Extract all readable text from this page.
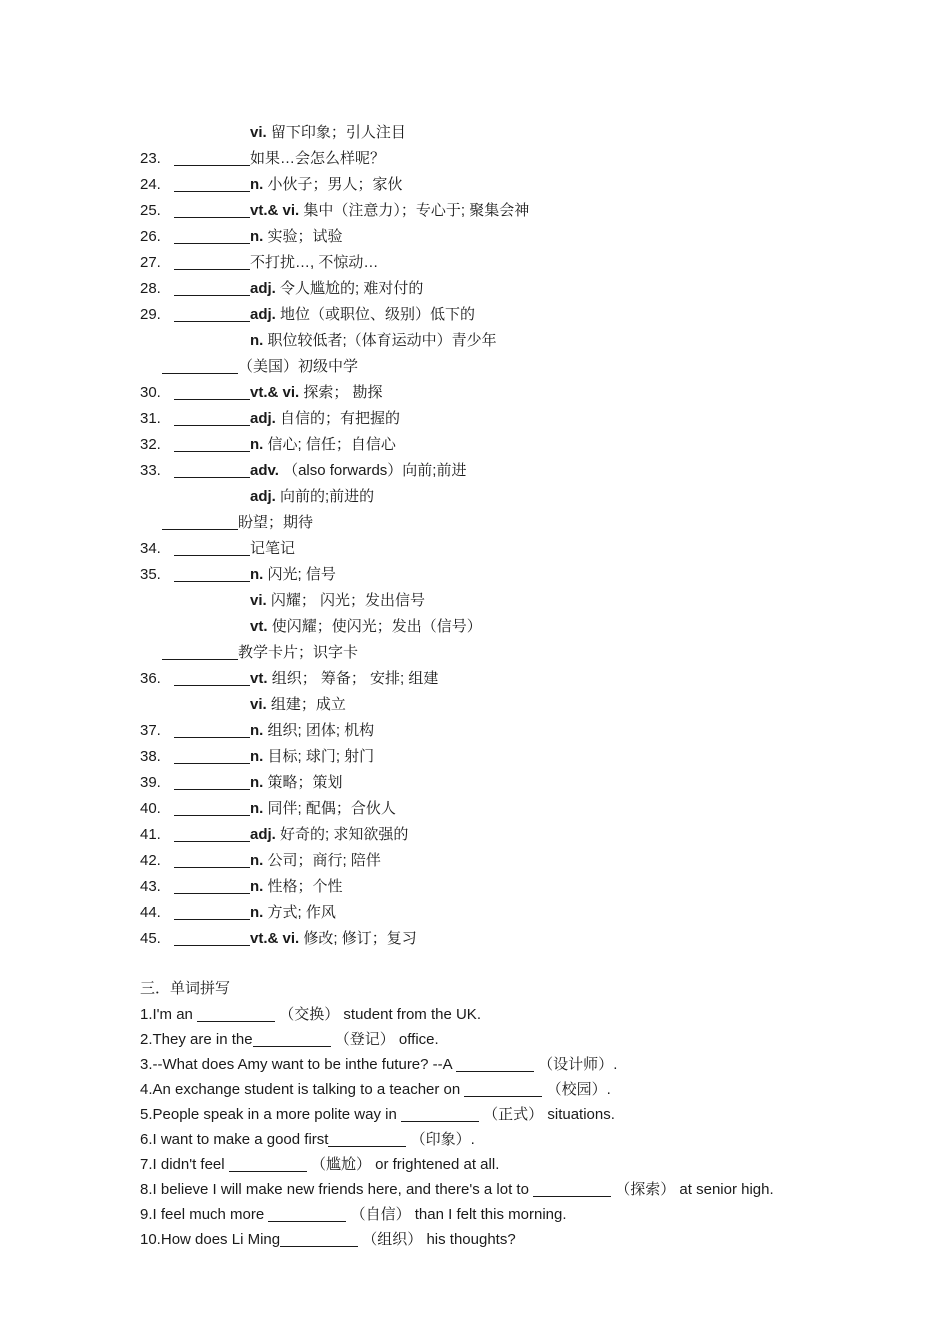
vi. 留下印象；引人注目
23.	如果…会怎么样呢？
24.	n. 小伙子；男人；家伙
25.	vt.& vi. 集中（注意力）；专心于; 聚集会神
26.	n. 实验；试验
27.	不打扰…, 不惊动…
28.	adj. 令人尴尬的; 难对付的
29.	adj. 地位（或职位、级别）低下的
n. 职位较低者;（体育运动中）青少年
（美国）初级中学
30.	vt.& vi. 探索； 勘探
31.	adj. 自信的；有把握的
32.	n. 信心; 信任；自信心
33.	adv. （also forwards）向前;前进
adj. 向前的;前进的
盼望；期待
34.	记笔记
35.	n. 闪光; 信号
vi. 闪耀； 闪光；发出信号
vt. 使闪耀；使闪光；发出（信号）
教学卡片；识字卡
36.	vt. 组织； 筹备； 安排; 组建
vi. 组建；成立
37.	n. 组织; 团体; 机构
38.	n. 目标; 球门; 射门
39.	n. 策略；策划
40.	n. 同伴; 配偶；合伙人
41.	adj. 好奇的; 求知欲强的
42.	n. 公司；商行; 陪伴
43.	n. 性格；个性
44.	n. 方式; 作风
45.	vt.& vi. 修改; 修订；复习
三．单词拼写
1.I'm an	（交换） student from the UK.
2.They are in the	（登记） office.
3.--What does Amy want to be inthe future? --A	（设计师）.
4.An exchange student is talking to a teacher on	（校园）.
5.People speak in a more polite way in	（正式） situations.
6.I want to make a good first	（印象）.
7.I didn't feel	（尴尬） or frightened at all.
8.I believe I will make new friends here, and there's a lot to	（探索） at senior high.
9.I feel much more	（自信） than I felt this morning.
10.How does Li Ming	（组织） his thoughts?
